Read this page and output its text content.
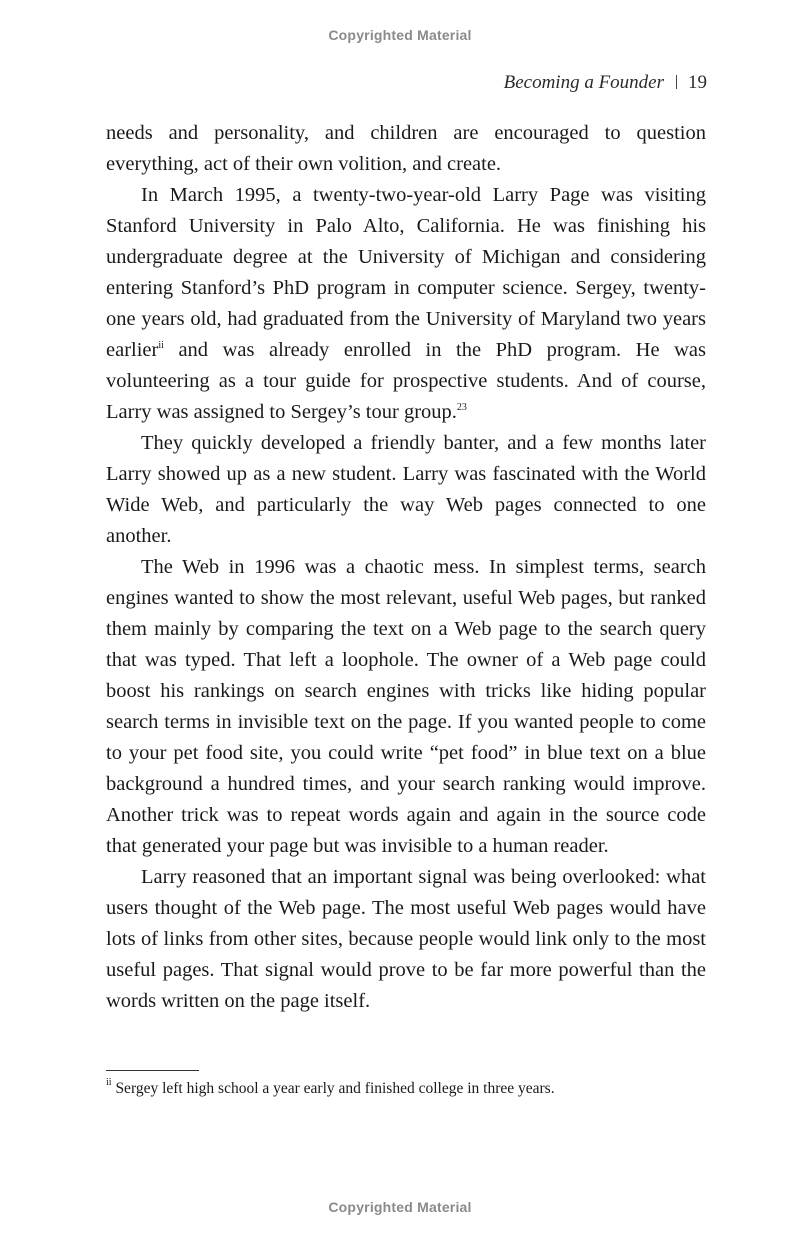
Copyrighted Material
Becoming a Founder 19

needs and personality, and children are encouraged to question everything, act of their own volition, and create.

In March 1995, a twenty-two-year-old Larry Page was visiting Stanford University in Palo Alto, California. He was finishing his undergraduate degree at the University of Michigan and considering entering Stanford’s PhD program in computer science. Sergey, twenty-one years old, had graduated from the University of Maryland two years earlier$^{ii}$ and was already enrolled in the PhD program. He was volunteering as a tour guide for prospective students. And of course, Larry was assigned to Sergey’s tour group.$^{23}$

They quickly developed a friendly banter, and a few months later Larry showed up as a new student. Larry was fascinated with the World Wide Web, and particularly the way Web pages connected to one another.

The Web in 1996 was a chaotic mess. In simplest terms, search engines wanted to show the most relevant, useful Web pages, but ranked them mainly by comparing the text on a Web page to the search query that was typed. That left a loophole. The owner of a Web page could boost his rankings on search engines with tricks like hiding popular search terms in invisible text on the page. If you wanted people to come to your pet food site, you could write “pet food” in blue text on a blue background a hundred times, and your search ranking would improve. Another trick was to repeat words again and again in the source code that generated your page but was invisible to a human reader.

Larry reasoned that an important signal was being overlooked: what users thought of the Web page. The most useful Web pages would have lots of links from other sites, because people would link only to the most useful pages. That signal would prove to be far more powerful than the words written on the page itself.

$^{ii}$ Sergey left high school a year early and finished college in three years.
Copyrighted Material
